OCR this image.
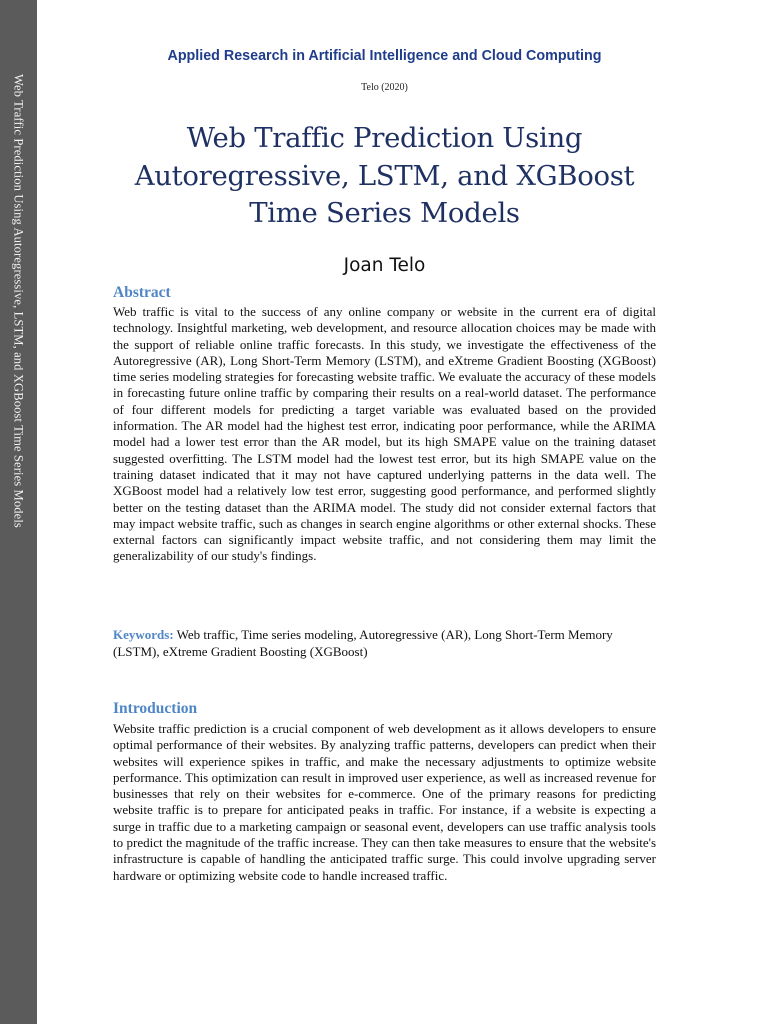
Web Traffic Prediction Using Autoregressive, LSTM, and XGBoost Time Series Models
Applied Research in Artificial Intelligence and Cloud Computing
Telo (2020)
Web Traffic Prediction Using Autoregressive, LSTM, and XGBoost Time Series Models
Joan Telo
Abstract

Web traffic is vital to the success of any online company or website in the current era of digital technology. Insightful marketing, web development, and resource allocation choices may be made with the support of reliable online traffic forecasts. In this study, we investigate the effectiveness of the Autoregressive (AR), Long Short-Term Memory (LSTM), and eXtreme Gradient Boosting (XGBoost) time series modeling strategies for forecasting website traffic. We evaluate the accuracy of these models in forecasting future online traffic by comparing their results on a real-world dataset. The performance of four different models for predicting a target variable was evaluated based on the provided information. The AR model had the highest test error, indicating poor performance, while the ARIMA model had a lower test error than the AR model, but its high SMAPE value on the training dataset suggested overfitting. The LSTM model had the lowest test error, but its high SMAPE value on the training dataset indicated that it may not have captured underlying patterns in the data well. The XGBoost model had a relatively low test error, suggesting good performance, and performed slightly better on the testing dataset than the ARIMA model. The study did not consider external factors that may impact website traffic, such as changes in search engine algorithms or other external shocks. These external factors can significantly impact website traffic, and not considering them may limit the generalizability of our study's findings.

Keywords: Web traffic, Time series modeling, Autoregressive (AR), Long Short-Term Memory (LSTM), eXtreme Gradient Boosting (XGBoost)

Introduction

Website traffic prediction is a crucial component of web development as it allows developers to ensure optimal performance of their websites. By analyzing traffic patterns, developers can predict when their websites will experience spikes in traffic, and make the necessary adjustments to optimize website performance. This optimization can result in improved user experience, as well as increased revenue for businesses that rely on their websites for e-commerce. One of the primary reasons for predicting website traffic is to prepare for anticipated peaks in traffic. For instance, if a website is expecting a surge in traffic due to a marketing campaign or seasonal event, developers can use traffic analysis tools to predict the magnitude of the traffic increase. They can then take measures to ensure that the website's infrastructure is capable of handling the anticipated traffic surge. This could involve upgrading server hardware or optimizing website code to handle increased traffic.
